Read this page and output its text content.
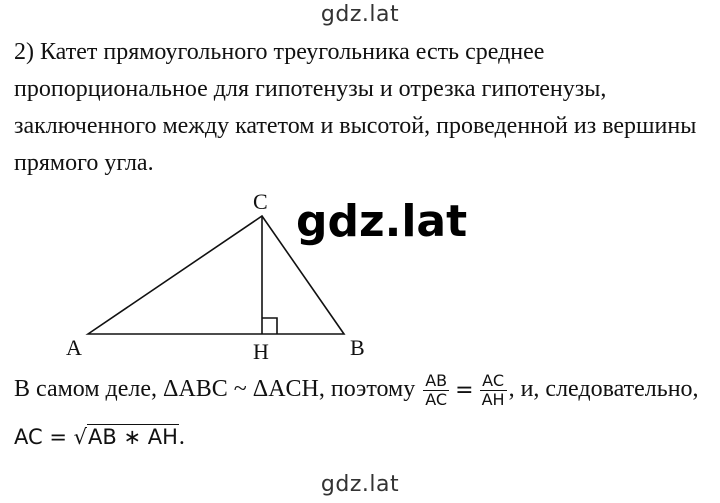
gdz.lat
2) Катет прямоугольного треугольника есть среднее
пропорциональное для гипотенузы и отрезка гипотенузы,
заключенного между катетом и высотой, проведенной из вершины
прямого угла.
C
A	H	B
gdz.lat
В самом деле, ΔABC ~ ΔACH, поэтому $\frac{AB}{AC} = \frac{AC}{AH}$ , и, следовательно,
AC = √AB ∗ AH.
gdz.lat
